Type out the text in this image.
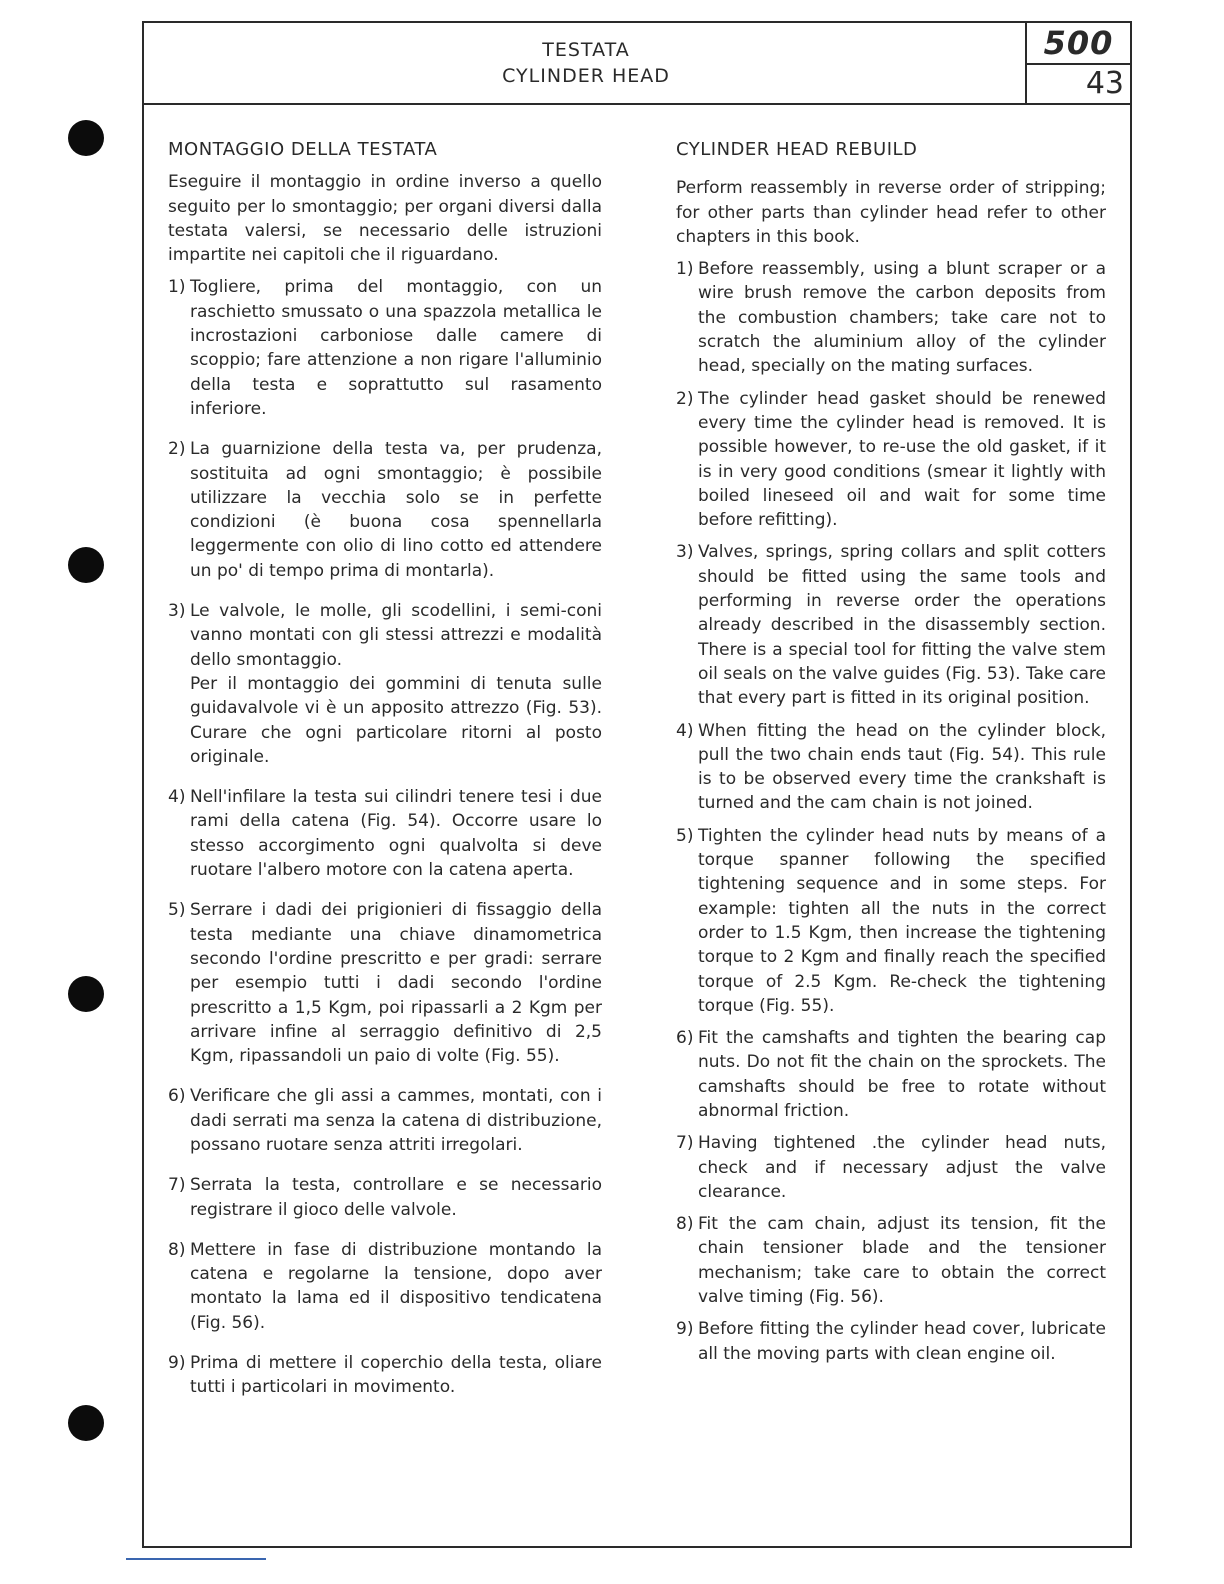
TESTATA
CYLINDER HEAD
500
43
MONTAGGIO DELLA TESTATA

Eseguire il montaggio in ordine inverso a quello seguito per lo smontaggio; per organi diversi dalla testata valersi, se necessario delle istruzioni impartite nei capitoli che il riguardano.

1) Togliere, prima del montaggio, con un raschietto smussato o una spazzola metallica le incrostazioni carboniose dalle camere di scoppio; fare attenzione a non rigare l'alluminio della testa e soprattutto sul rasamento inferiore.
2) La guarnizione della testa va, per prudenza, sostituita ad ogni smontaggio; è possibile utilizzare la vecchia solo se in perfette condizioni (è buona cosa spennellarla leggermente con olio di lino cotto ed attendere un po' di tempo prima di montarla).
3) Le valvole, le molle, gli scodellini, i semi-coni vanno montati con gli stessi attrezzi e modalità dello smontaggio.
Per il montaggio dei gommini di tenuta sulle guidavalvole vi è un apposito attrezzo (Fig. 53). Curare che ogni particolare ritorni al posto originale.
4) Nell'infilare la testa sui cilindri tenere tesi i due rami della catena (Fig. 54). Occorre usare lo stesso accorgimento ogni qualvolta si deve ruotare l'albero motore con la catena aperta.
5) Serrare i dadi dei prigionieri di fissaggio della testa mediante una chiave dinamometrica secondo l'ordine prescritto e per gradi: serrare per esempio tutti i dadi secondo l'ordine prescritto a 1,5 Kgm, poi ripassarli a 2 Kgm per arrivare infine al serraggio definitivo di 2,5 Kgm, ripassandoli un paio di volte (Fig. 55).
6) Verificare che gli assi a cammes, montati, con i dadi serrati ma senza la catena di distribuzione, possano ruotare senza attriti irregolari.
7) Serrata la testa, controllare e se necessario registrare il gioco delle valvole.
8) Mettere in fase di distribuzione montando la catena e regolarne la tensione, dopo aver montato la lama ed il dispositivo tendicatena (Fig. 56).
9) Prima di mettere il coperchio della testa, oliare tutti i particolari in movimento.
CYLINDER HEAD REBUILD

Perform reassembly in reverse order of stripping; for other parts than cylinder head refer to other chapters in this book.

1) Before reassembly, using a blunt scraper or a wire brush remove the carbon deposits from the combustion chambers; take care not to scratch the aluminium alloy of the cylinder head, specially on the mating surfaces.
2) The cylinder head gasket should be renewed every time the cylinder head is removed. It is possible however, to re-use the old gasket, if it is in very good conditions (smear it lightly with boiled lineseed oil and wait for some time before refitting).
3) Valves, springs, spring collars and split cotters should be fitted using the same tools and performing in reverse order the operations already described in the disassembly section. There is a special tool for fitting the valve stem oil seals on the valve guides (Fig. 53). Take care that every part is fitted in its original position.
4) When fitting the head on the cylinder block, pull the two chain ends taut (Fig. 54). This rule is to be observed every time the crankshaft is turned and the cam chain is not joined.
5) Tighten the cylinder head nuts by means of a torque spanner following the specified tightening sequence and in some steps. For example: tighten all the nuts in the correct order to 1.5 Kgm, then increase the tightening torque to 2 Kgm and finally reach the specified torque of 2.5 Kgm. Re-check the tightening torque (Fig. 55).
6) Fit the camshafts and tighten the bearing cap nuts. Do not fit the chain on the sprockets. The camshafts should be free to rotate without abnormal friction.
7) Having tightened .the cylinder head nuts, check and if necessary adjust the valve clearance.
8) Fit the cam chain, adjust its tension, fit the chain tensioner blade and the tensioner mechanism; take care to obtain the correct valve timing (Fig. 56).
9) Before fitting the cylinder head cover, lubricate all the moving parts with clean engine oil.
